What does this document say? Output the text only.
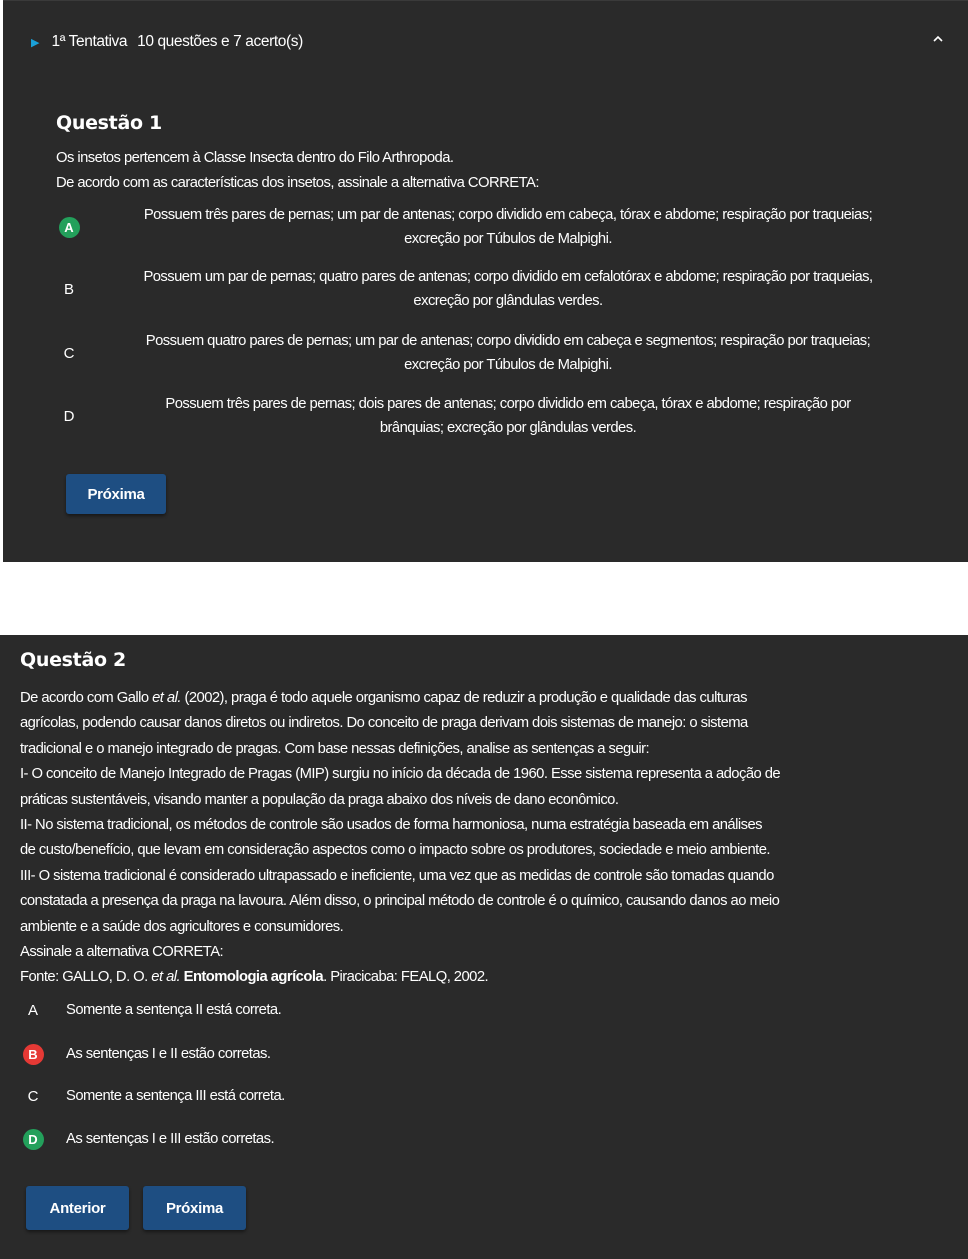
▶ 1ª Tentativa 10 questões e 7 acerto(s)
Questão 1
Os insetos pertencem à Classe Insecta dentro do Filo Arthropoda.
De acordo com as características dos insetos, assinale a alternativa CORRETA:
A
Possuem três pares de pernas; um par de antenas; corpo dividido em cabeça, tórax e abdome; respiração por traqueias;
excreção por Túbulos de Malpighi.
B
Possuem um par de pernas; quatro pares de antenas; corpo dividido em cefalotórax e abdome; respiração por traqueias,
excreção por glândulas verdes.
C
Possuem quatro pares de pernas; um par de antenas; corpo dividido em cabeça e segmentos; respiração por traqueias;
excreção por Túbulos de Malpighi.
D
Possuem três pares de pernas; dois pares de antenas; corpo dividido em cabeça, tórax e abdome; respiração por
brânquias; excreção por glândulas verdes.
Próxima
Questão 2
De acordo com Gallo et al. (2002), praga é todo aquele organismo capaz de reduzir a produção e qualidade das culturas
agrícolas, podendo causar danos diretos ou indiretos. Do conceito de praga derivam dois sistemas de manejo: o sistema
tradicional e o manejo integrado de pragas. Com base nessas definições, analise as sentenças a seguir:
I- O conceito de Manejo Integrado de Pragas (MIP) surgiu no início da década de 1960. Esse sistema representa a adoção de
práticas sustentáveis, visando manter a população da praga abaixo dos níveis de dano econômico.
II- No sistema tradicional, os métodos de controle são usados de forma harmoniosa, numa estratégia baseada em análises
de custo/benefício, que levam em consideração aspectos como o impacto sobre os produtores, sociedade e meio ambiente.
III- O sistema tradicional é considerado ultrapassado e ineficiente, uma vez que as medidas de controle são tomadas quando
constatada a presença da praga na lavoura. Além disso, o principal método de controle é o químico, causando danos ao meio
ambiente e a saúde dos agricultores e consumidores.
Assinale a alternativa CORRETA:
Fonte: GALLO, D. O. et al. Entomologia agrícola. Piracicaba: FEALQ, 2002.
A Somente a sentença II está correta.
B	As sentenças I e II estão corretas.
C Somente a sentença III está correta.
D	As sentenças I e III estão corretas.
Anterior	Próxima
